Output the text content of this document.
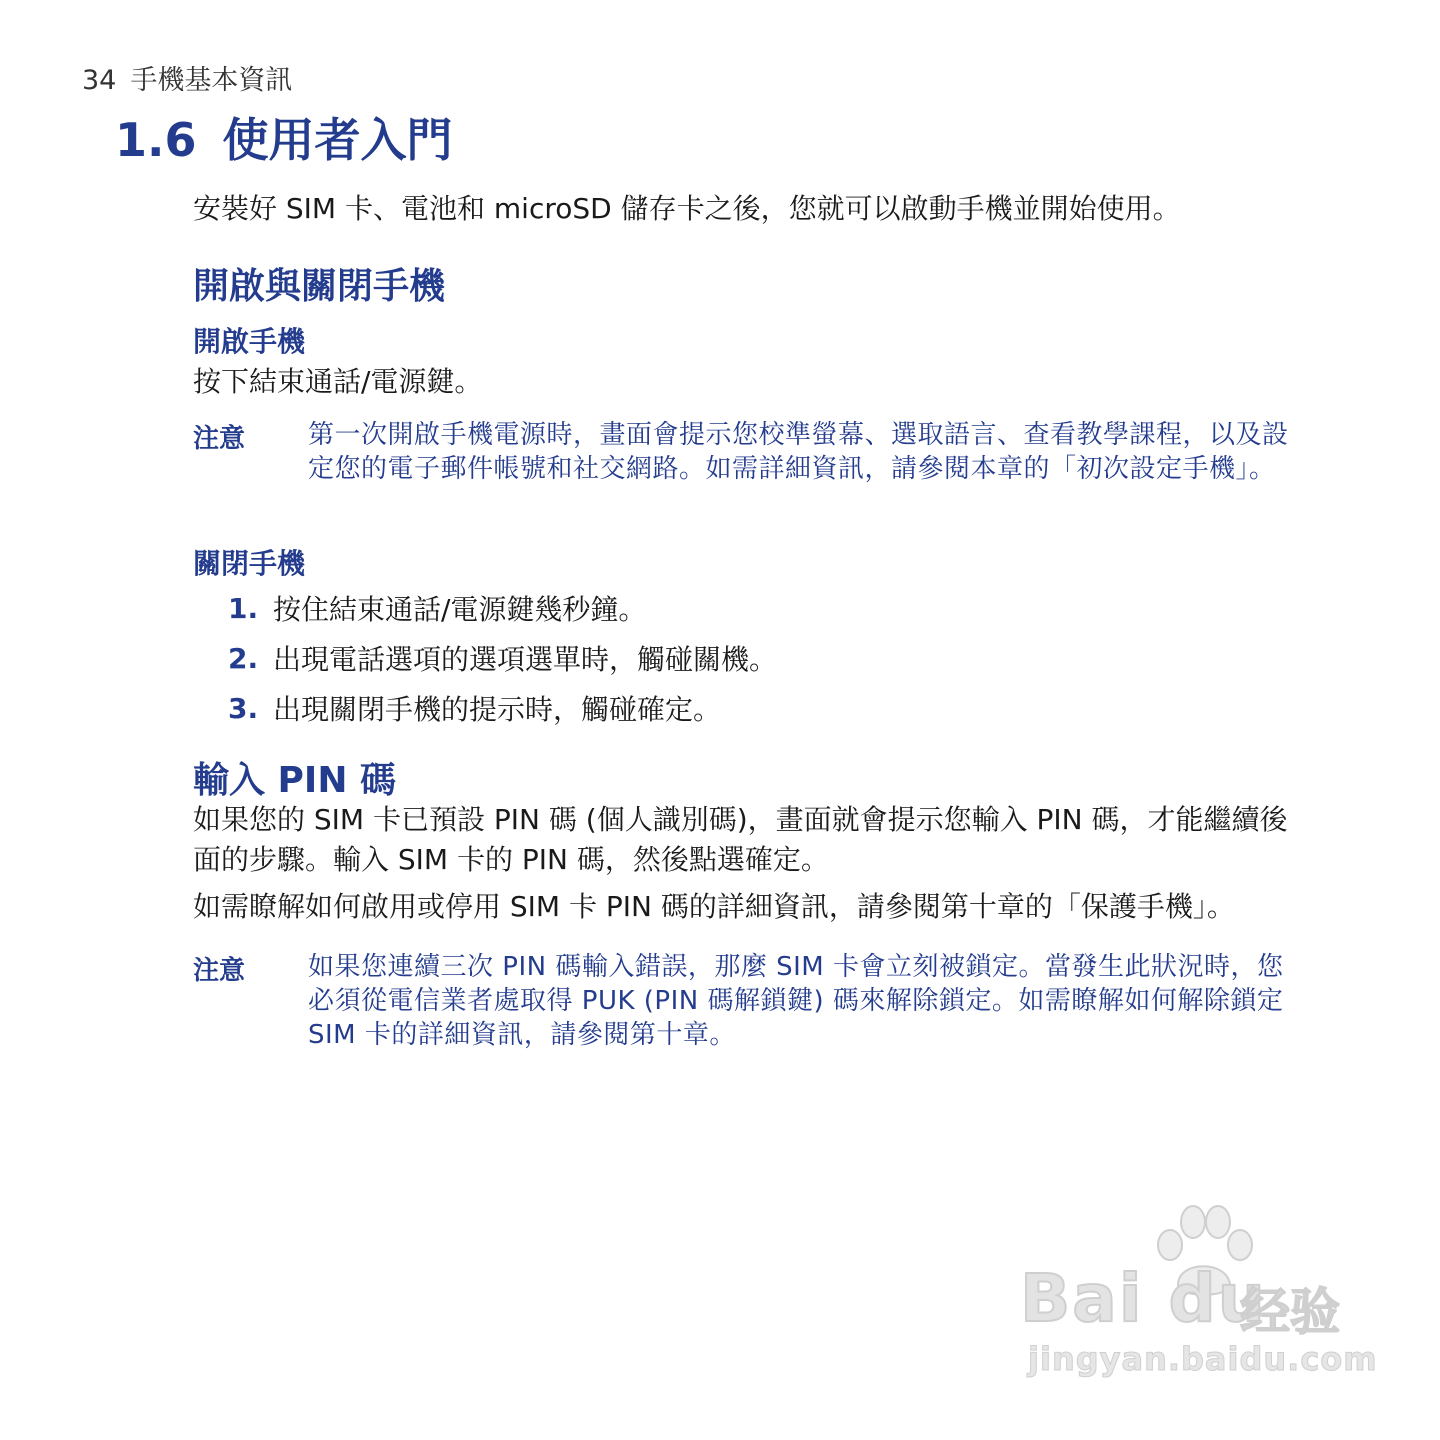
34 手機基本資訊
1.6 使用者入門
安裝好 SIM 卡、電池和 microSD 儲存卡之後，您就可以啟動手機並開始使用。
開啟與關閉手機
開啟手機
按下結束通話/電源鍵。
注意 第一次開啟手機電源時，畫面會提示您校準螢幕、選取語言、查看教學課程，以及設定您的電子郵件帳號和社交網路。如需詳細資訊，請參閱本章的「初次設定手機」。
關閉手機
1. 按住結束通話/電源鍵幾秒鐘。
2. 出現電話選項的選項選單時，觸碰關機。
3. 出現關閉手機的提示時，觸碰確定。
輸入 PIN 碼
如果您的 SIM 卡已預設 PIN 碼 (個人識別碼)，畫面就會提示您輸入 PIN 碼，才能繼續後面的步驟。輸入 SIM 卡的 PIN 碼，然後點選確定。
如需瞭解如何啟用或停用 SIM 卡 PIN 碼的詳細資訊，請參閱第十章的「保護手機」。
注意 如果您連續三次 PIN 碼輸入錯誤，那麼 SIM 卡會立刻被鎖定。當發生此狀況時，您必須從電信業者處取得 PUK (PIN 碼解鎖鍵) 碼來解除鎖定。如需瞭解如何解除鎖定 SIM 卡的詳細資訊，請參閱第十章。
Bai du
经验
jingyan.baidu.com
